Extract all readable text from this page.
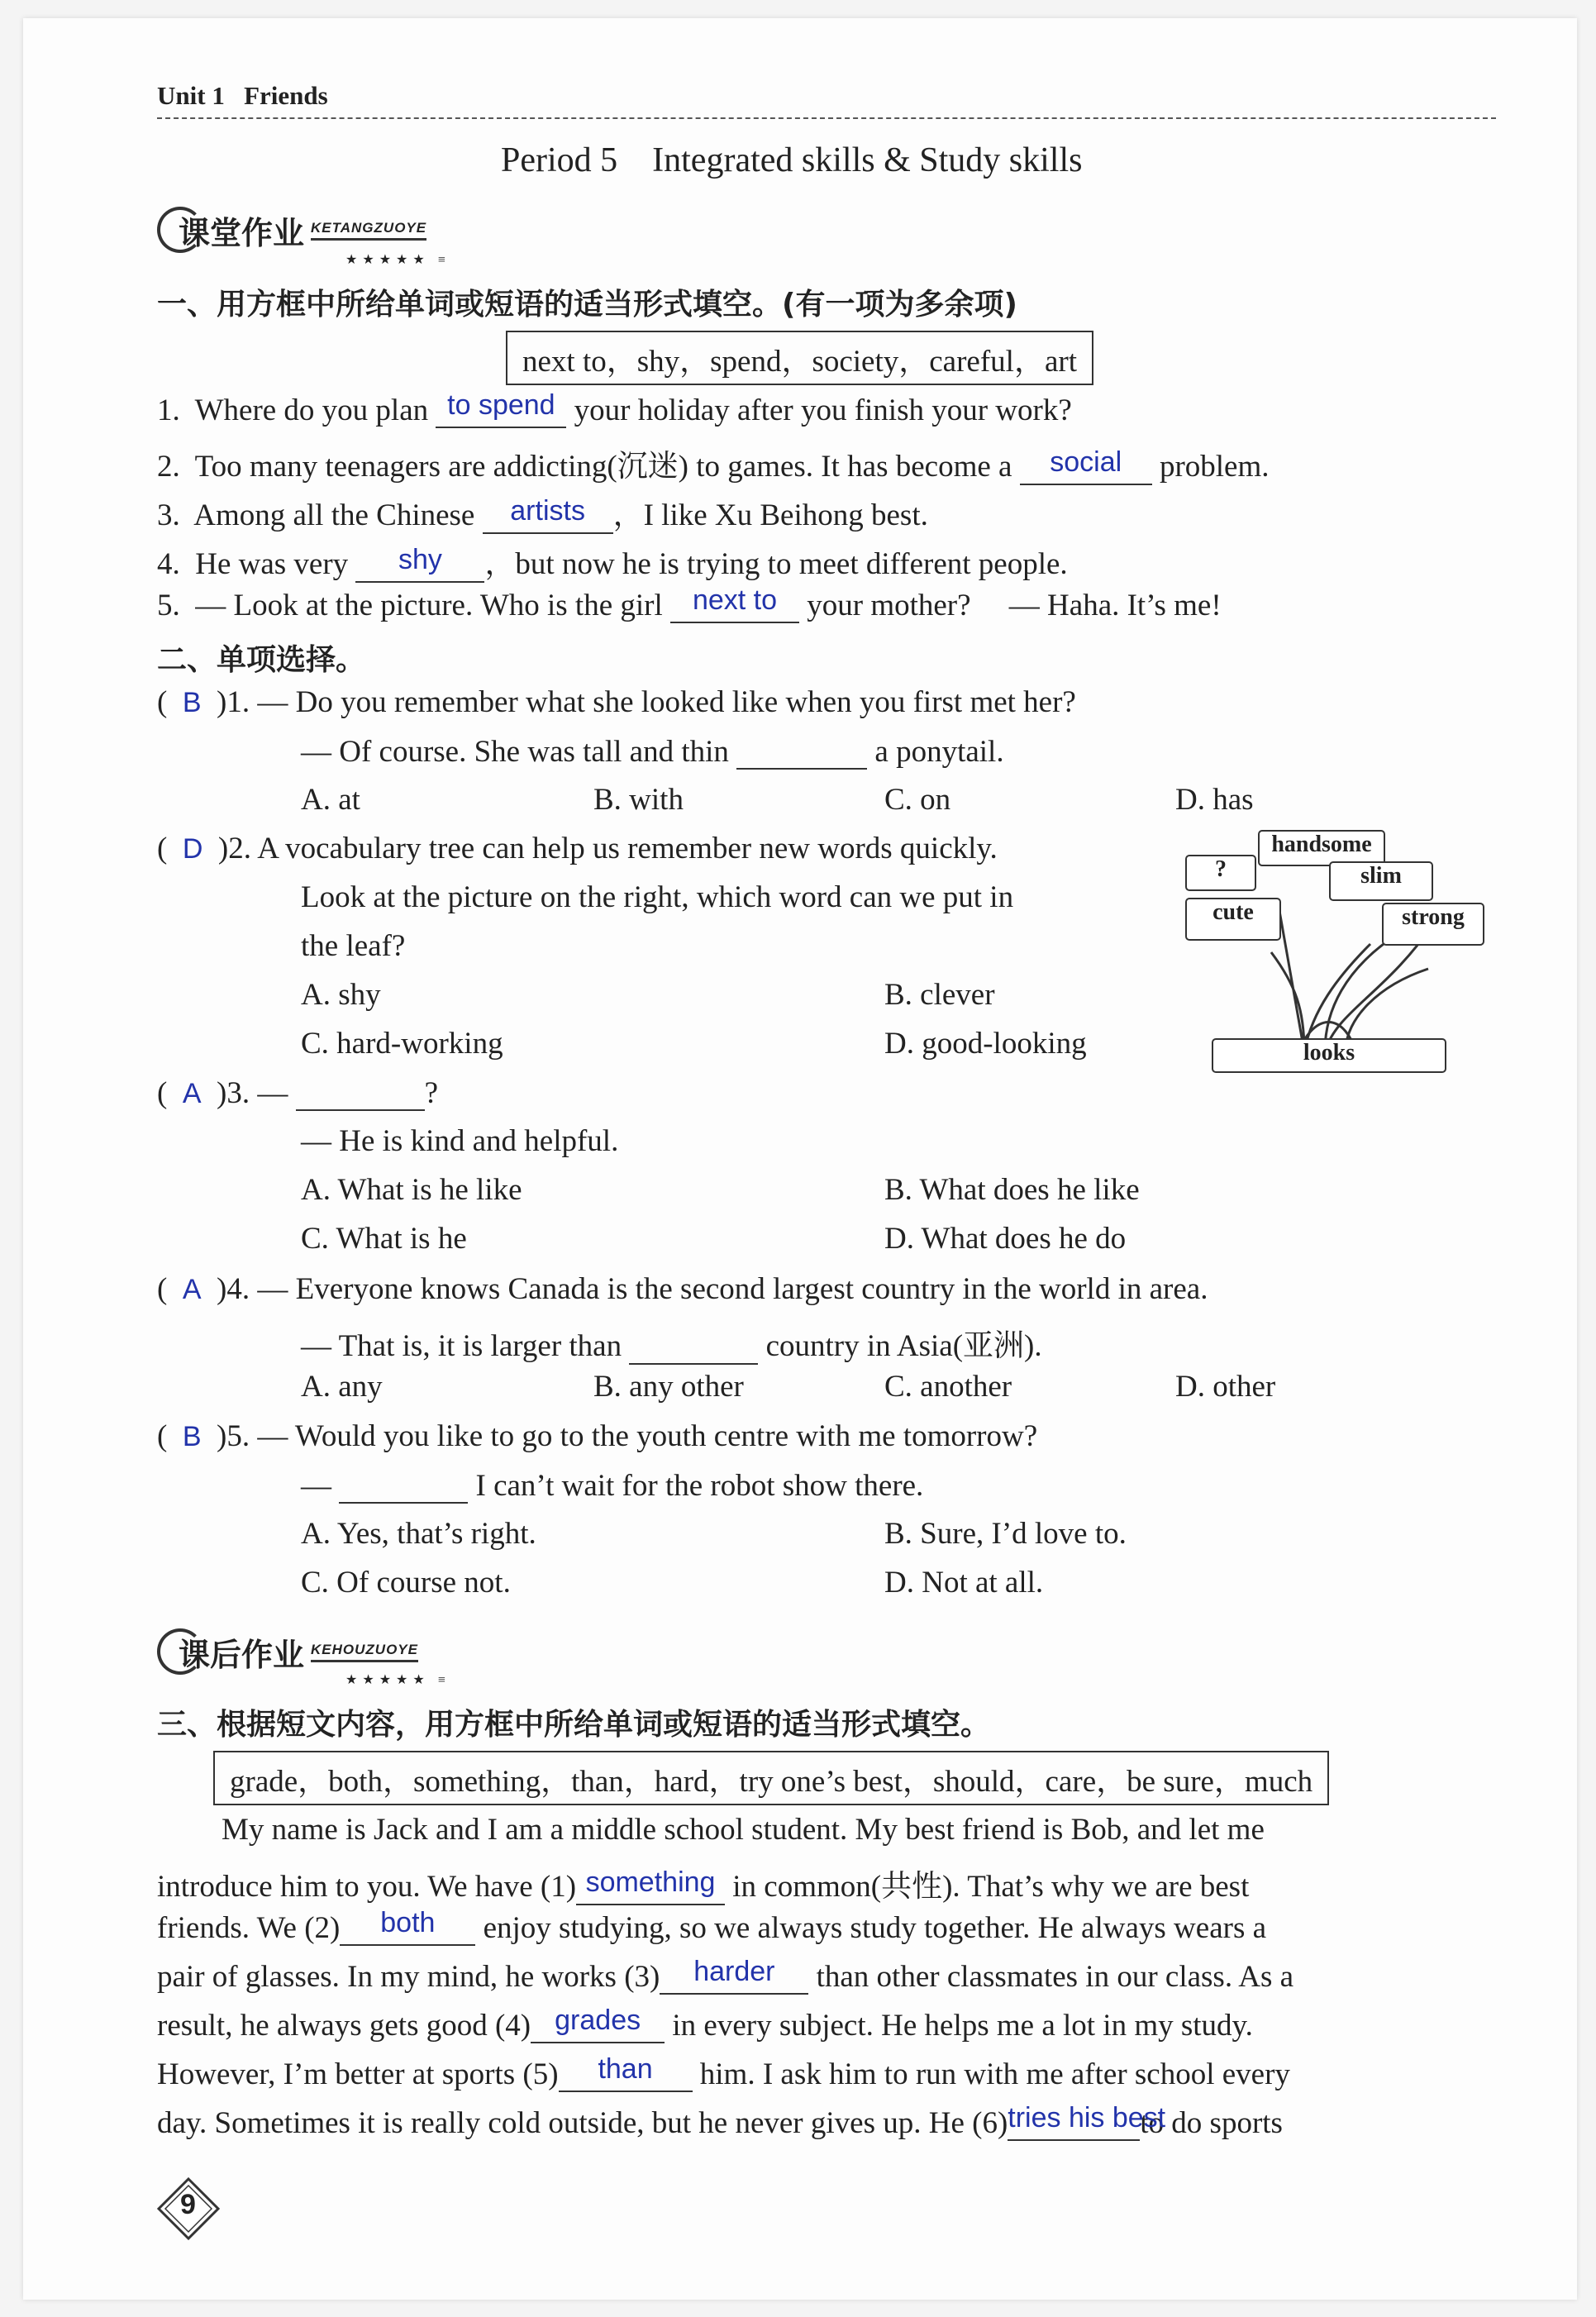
Unit 1 Friends
Period 5    Integrated skills & Study skills
课堂作业 KETANGZUOYE
★★★★★ ≡
一、用方框中所给单词或短语的适当形式填空。(有一项为多余项)
next to，shy，spend，society，careful，art
1. Where do you plan to spend your holiday after you finish your work?
2. Too many teenagers are addicting(沉迷) to games. It has become a	social	problem.
3. Among all the Chinese	artists ，I like Xu Beihong best.
4. He was very	shy	，but now he is trying to meet different people.
5. — Look at the picture. Who is the girl	next to your mother? — Haha. It’s me!
二、单项选择。
(  B )1. — Do you remember what she looked like when you first met her?
— Of course. She was tall and thin	a ponytail.
A. at	B. with	C. on	D. has
(  D )2. A vocabulary tree can help us remember new words quickly.
Look at the picture on the right, which word can we put in
the leaf?
A. shy	B. clever
C. hard-working	D. good-looking
handsome
?	slim
cute	strong
looks
(  A )3. —	?
— He is kind and helpful.
A. What is he like	B. What does he like
C. What is he	D. What does he do
(  A )4. — Everyone knows Canada is the second largest country in the world in area.
— That is, it is larger than	country in Asia(亚洲).
A. any	B. any other	C. another	D. other
(  B )5. — Would you like to go to the youth centre with me tomorrow?
—	I can’t wait for the robot show there.
A. Yes, that’s right.	B. Sure, I’d love to.
C. Of course not.	D. Not at all.
课后作业 KEHOUZUOYE
★★★★★ ≡
三、根据短文内容，用方框中所给单词或短语的适当形式填空。
grade，both，something，than，hard，try one’s best，should，care，be sure，much
My name is Jack and I am a middle school student. My best friend is Bob, and let me
introduce him to you. We have (1) something in common(共性). That’s why we are best
friends. We (2)	both	enjoy studying, so we always study together. He always wears a
pair of glasses. In my mind, he works (3)	harder	than other classmates in our class. As a
result, he always gets good (4) grades	in every subject. He helps me a lot in my study.
However, I’m better at sports (5)	than	him. I ask him to run with me after school every
day. Sometimes it is really cold outside, but he never gives up. He (6) tries his best
to do sports
9
